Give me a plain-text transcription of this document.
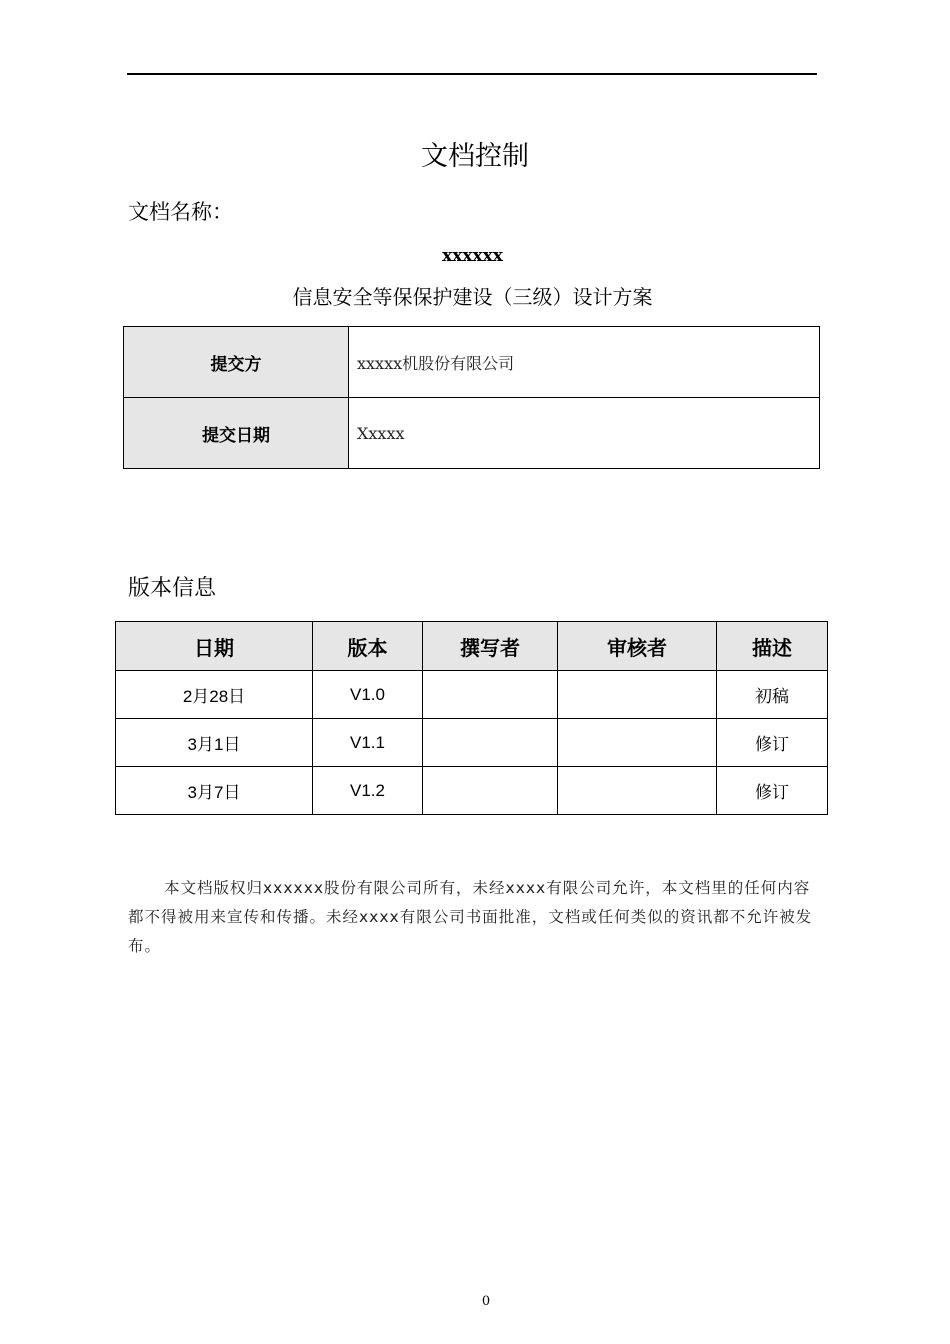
文档控制
文档名称：
xxxxxx
信息安全等保保护建设（三级）设计方案
提交方	xxxxx机股份有限公司
提交日期	Xxxxx
版本信息
日期	版本	撰写者	审核者	描述
2月28日	V1.0			初稿
3月1日	V1.1			修订
3月7日	V1.2			修订
本文档版权归xxxxxx股份有限公司所有，未经xxxx有限公司允许，本文档里的任何内容都不得被用来宣传和传播。未经xxxx有限公司书面批准，文档或任何类似的资讯都不允许被发布。
0
